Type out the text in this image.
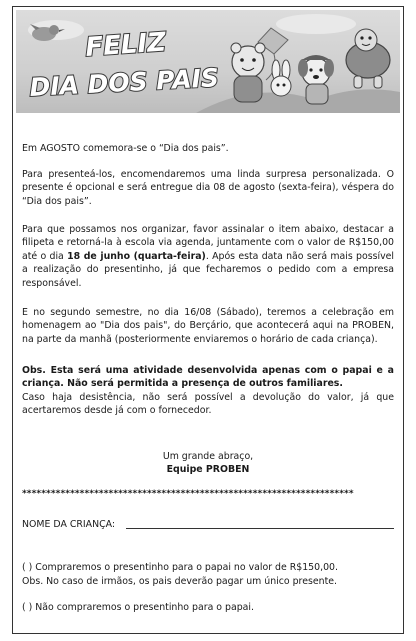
FELIZ
DIA DOS PAIS
Em AGOSTO comemora-se o “Dia dos pais”.
Para presenteá-los, encomendaremos uma linda surpresa personalizada. O presente é opcional e será entregue dia 08 de agosto (sexta-feira), véspera do “Dia dos pais”.
Para que possamos nos organizar, favor assinalar o item abaixo, destacar a filipeta e retorná-la à escola via agenda, juntamente com o valor de R$150,00 até o dia 18 de junho (quarta-feira). Após esta data não será mais possível a realização do presentinho, já que fecharemos o pedido com a empresa responsável.
E no segundo semestre, no dia 16/08 (Sábado), teremos a celebração em homenagem ao "Dia dos pais", do Berçário, que acontecerá aqui na PROBEN, na parte da manhã (posteriormente enviaremos o horário de cada criança).
Obs. Esta será uma atividade desenvolvida apenas com o papai e a criança. Não será permitida a presença de outros familiares.
Caso haja desistência, não será possível a devolução do valor, já que acertaremos desde já com o fornecedor.
Um grande abraço,
Equipe PROBEN
*********************************************************************
NOME DA CRIANÇA:
( ) Compraremos o presentinho para o papai no valor de R$150,00.
Obs. No caso de irmãos, os pais deverão pagar um único presente.
( ) Não compraremos o presentinho para o papai.
